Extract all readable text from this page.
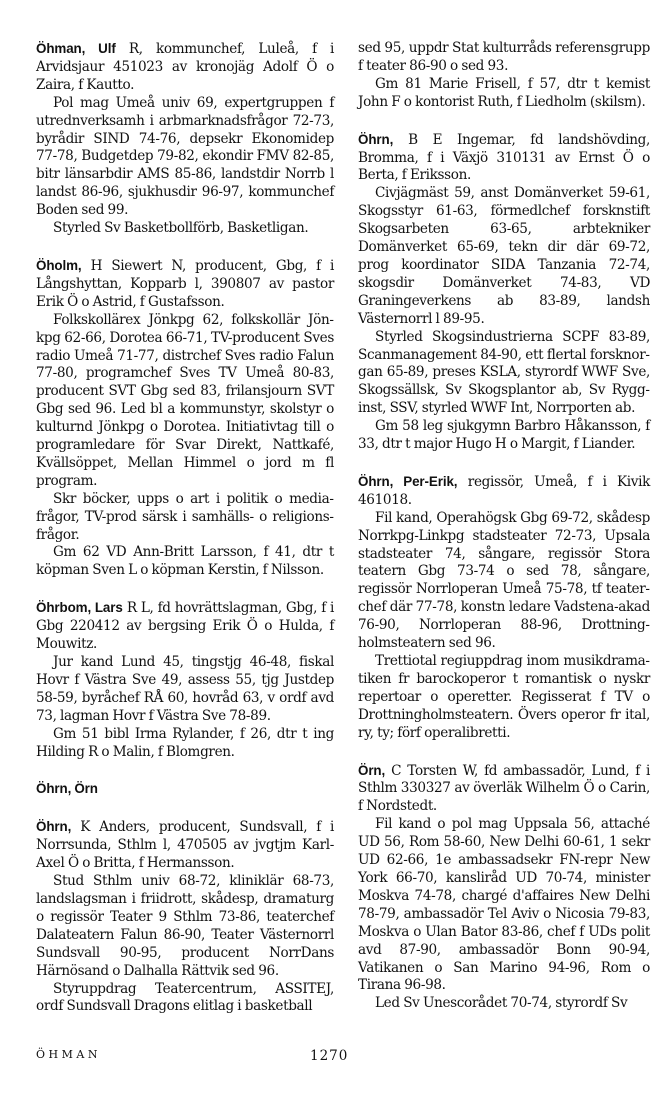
Öhman, Ulf R, kommunchef, Luleå, f i Arvidsjaur 451023 av kronojäg Adolf Ö o Zaira, f Kautto.

Pol mag Umeå univ 69, expertgruppen f utrednverksamh i arbmarknadsfrågor 72-73, byrådir SIND 74-76, depsekr Ekonomidep 77-78, Budgetdep 79-82, ekondir FMV 82-85, bitr länsarbdir AMS 85-86, landstdir Norrb l landst 86-96, sjukhusdir 96-97, kommunchef Boden sed 99.

Styrled Sv Basketbollförb, Basketligan.

Öholm, H Siewert N, producent, Gbg, f i Långshyttan, Kopparb l, 390807 av pastor Erik Ö o Astrid, f Gustafsson.

Folkskollärex Jönkpg 62, folkskollär Jönkpg 62-66, Dorotea 66-71, TV-producent Sves radio Umeå 71-77, distrchef Sves radio Falun 77-80, programchef Sves TV Umeå 80-83, producent SVT Gbg sed 83, frilansjourn SVT Gbg sed 96. Led bl a kommunstyr, skolstyr o kulturnd Jönkpg o Dorotea. Initiativtag till o programledare för Svar Direkt, Nattkafé, Kvällsöppet, Mellan Himmel o jord m fl program.

Skr böcker, upps o art i politik o mediafrågor, TV-prod särsk i samhälls- o religionsfrågor.

Gm 62 VD Ann-Britt Larsson, f 41, dtr t köpman Sven L o köpman Kerstin, f Nilsson.

Öhrbom, Lars R L, fd hovrättslagman, Gbg, f i Gbg 220412 av bergsing Erik Ö o Hulda, f Mouwitz.

Jur kand Lund 45, tingstjg 46-48, fiskal Hovr f Västra Sve 49, assess 55, tjg Justdep 58-59, byråchef RÅ 60, hovråd 63, v ordf avd 73, lagman Hovr f Västra Sve 78-89.

Gm 51 bibl Irma Rylander, f 26, dtr t ing Hilding R o Malin, f Blomgren.

Öhrn, Örn

Öhrn, K Anders, producent, Sundsvall, f i Norrsunda, Sthlm l, 470505 av jvgtjm Karl-Axel Ö o Britta, f Hermansson.

Stud Sthlm univ 68-72, kliniklär 68-73, landslagsman i friidrott, skådesp, dramaturg o regissör Teater 9 Sthlm 73-86, teaterchef Dalateatern Falun 86-90, Teater Västernorrl Sundsvall 90-95, producent NorrDans Härnösand o Dalhalla Rättvik sed 96.

Styruppdrag Teatercentrum, ASSITEJ, ordf Sundsvall Dragons elitlag i basketball

sed 95, uppdr Stat kulturråds referensgrupp f teater 86-90 o sed 93.

Gm 81 Marie Frisell, f 57, dtr t kemist John F o kontorist Ruth, f Liedholm (skilsm).

Öhrn, B E Ingemar, fd landshövding, Bromma, f i Växjö 310131 av Ernst Ö o Berta, f Eriksson.

Civjägmäst 59, anst Domänverket 59-61, Skogsstyr 61-63, förmedlchef forsknstift Skogsarbeten 63-65, arbtekniker Domänverket 65-69, tekn dir där 69-72, prog koordinator SIDA Tanzania 72-74, skogsdir Domänverket 74-83, VD Graningeverkens ab 83-89, landsh Västernorrl l 89-95.

Styrled Skogsindustrierna SCPF 83-89, Scanmanagement 84-90, ett flertal forsknorgan 65-89, preses KSLA, styrordf WWF Sve, Skogssällsk, Sv Skogsplantor ab, Sv Rygginst, SSV, styrled WWF Int, Norrporten ab.

Gm 58 leg sjukgymn Barbro Håkansson, f 33, dtr t major Hugo H o Margit, f Liander.

Öhrn, Per-Erik, regissör, Umeå, f i Kivik 461018.

Fil kand, Operahögsk Gbg 69-72, skådesp Norrkpg-Linkpg stadsteater 72-73, Upsala stadsteater 74, sångare, regissör Stora teatern Gbg 73-74 o sed 78, sångare, regissör Norrloperan Umeå 75-78, tf teaterchef där 77-78, konstn ledare Vadstena-akad 76-90, Norrloperan 88-96, Drottningholmsteatern sed 96.

Trettiotal regiuppdrag inom musikdramatiken fr barockoperor t romantisk o nyskr repertoar o operetter. Regisserat f TV o Drottningholmsteatern. Övers operor fr ital, ry, ty; förf operalibretti.

Örn, C Torsten W, fd ambassadör, Lund, f i Sthlm 330327 av överläk Wilhelm Ö o Carin, f Nordstedt.

Fil kand o pol mag Uppsala 56, attaché UD 56, Rom 58-60, New Delhi 60-61, 1 sekr UD 62-66, 1e ambassadsekr FN-repr New York 66-70, kansliråd UD 70-74, minister Moskva 74-78, chargé d'affaires New Delhi 78-79, ambassadör Tel Aviv o Nicosia 79-83, Moskva o Ulan Bator 83-86, chef f UDs polit avd 87-90, ambassadör Bonn 90-94, Vatikanen o San Marino 94-96, Rom o Tirana 96-98.

Led Sv Unescorådet 70-74, styrordf Sv

ÖHMAN	1270
